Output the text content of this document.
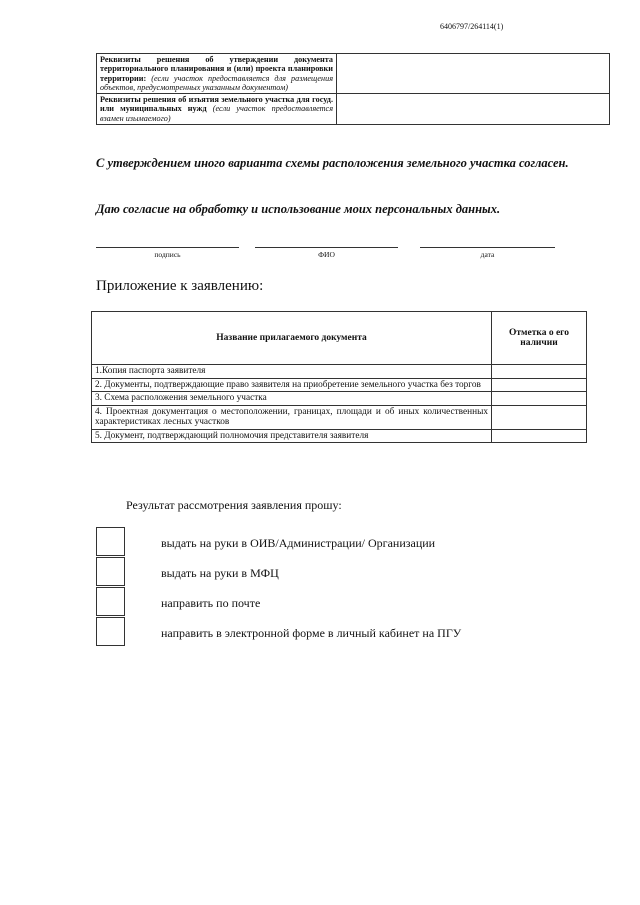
6406797/264114(1)
Реквизиты решения об утверждении документа территориального планирования и (или) проекта планировки территории: (если участок предоставляется для размещения объектов, предусмотренных указанным документом)	
Реквизиты решения об изъятия земельного участка для госуд. или муниципальных нужд (если участок предоставляется взамен изымаемого)	

С утверждением иного варианта схемы расположения земельного участка согласен.

Даю согласие на обработку и использование моих персональных данных.

подпись	ФИО	дата
Приложение к заявлению:
Название прилагаемого документа	Отметка о его наличии
1.Копия паспорта заявителя	
2. Документы, подтверждающие право заявителя на приобретение земельного участка без торгов	
3. Схема расположения земельного участка	
4. Проектная документация о местоположении, границах, площади и об иных количественных характеристиках лесных участков	
5. Документ, подтверждающий полномочия представителя заявителя	

Результат рассмотрения заявления прошу:

выдать на руки в ОИВ/Администрации/ Организации
выдать на руки в МФЦ
направить по почте
направить в электронной форме в личный кабинет на ПГУ
